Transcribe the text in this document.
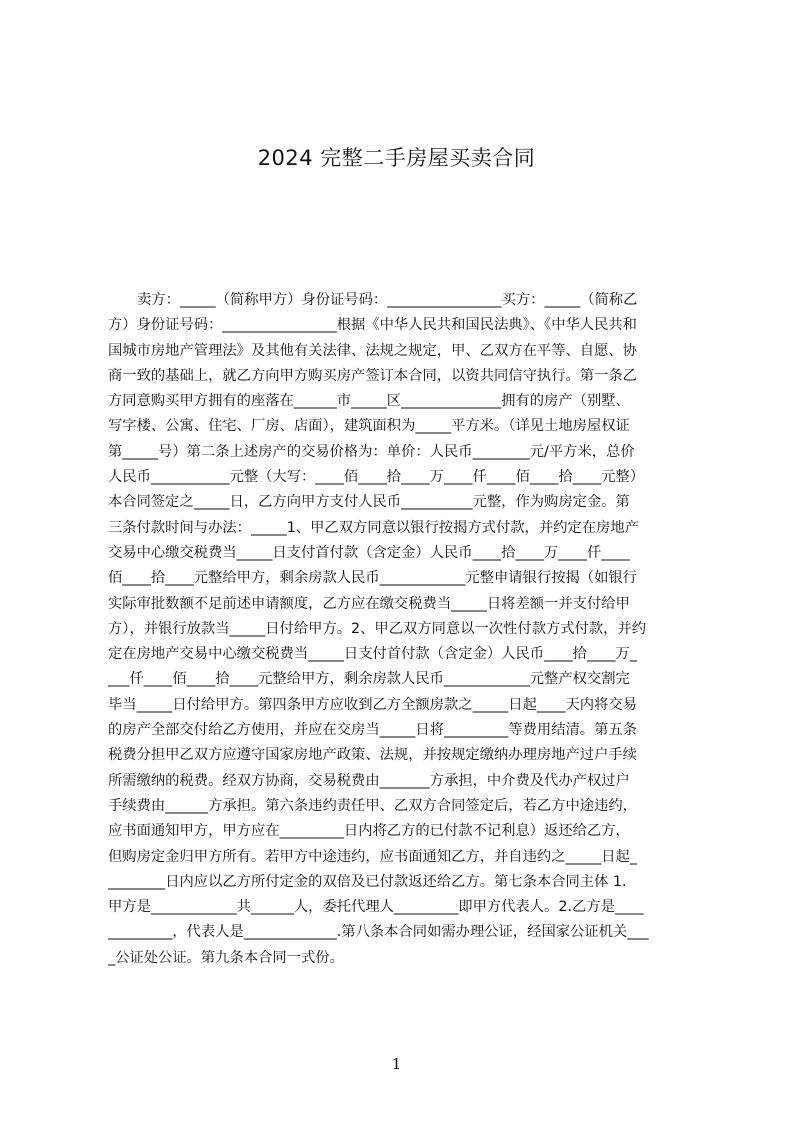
2024 完整二手房屋买卖合同
卖方：_____（简称甲方）身份证号码：________________买方：_____（简称乙
方）身份证号码：________________根据《中华人民共和国民法典》、《中华人民共和
国城市房地产管理法》及其他有关法律、法规之规定，甲、乙双方在平等、自愿、协
商一致的基础上，就乙方向甲方购买房产签订本合同，以资共同信守执行。第一条乙
方同意购买甲方拥有的座落在______市_____区______________拥有的房产（别墅、
写字楼、公寓、住宅、厂房、店面），建筑面积为_____平方米。（详见土地房屋权证
第_____号）第二条上述房产的交易价格为：单价：人民币________元/平方米，总价
人民币___________元整（大写：____佰____拾____万____仟____佰____拾____元整）
本合同签定之_____日，乙方向甲方支付人民币__________元整，作为购房定金。第
三条付款时间与办法：_____1、甲乙双方同意以银行按揭方式付款，并约定在房地产
交易中心缴交税费当_____日支付首付款（含定金）人民币____拾____万____仟____
佰____拾____元整给甲方，剩余房款人民币____________元整申请银行按揭（如银行
实际审批数额不足前述申请额度，乙方应在缴交税费当_____日将差额一并支付给甲
方），并银行放款当_____日付给甲方。2、甲乙双方同意以一次性付款方式付款，并约
定在房地产交易中心缴交税费当_____日支付首付款（含定金）人民币____拾____万_
___仟____佰____拾____元整给甲方，剩余房款人民币____________元整产权交割完
毕当_____日付给甲方。第四条甲方应收到乙方全额房款之_____日起____天内将交易
的房产全部交付给乙方使用，并应在交房当_____日将_________等费用结清。第五条
税费分担甲乙双方应遵守国家房地产政策、法规，并按规定缴纳办理房地产过户手续
所需缴纳的税费。经双方协商，交易税费由_______方承担，中介费及代办产权过户
手续费由______方承担。第六条违约责任甲、乙双方合同签定后，若乙方中途违约，
应书面通知甲方，甲方应在_________日内将乙方的已付款不记利息）返还给乙方，
但购房定金归甲方所有。若甲方中途违约，应书面通知乙方，并自违约之_____日起_
________日内应以乙方所付定金的双倍及已付款返还给乙方。第七条本合同主体 1.
甲方是____________共______人，委托代理人_________即甲方代表人。2.乙方是____
_________，代表人是_____________.第八条本合同如需办理公证，经国家公证机关___
_公证处公证。第九条本合同一式份。
1
